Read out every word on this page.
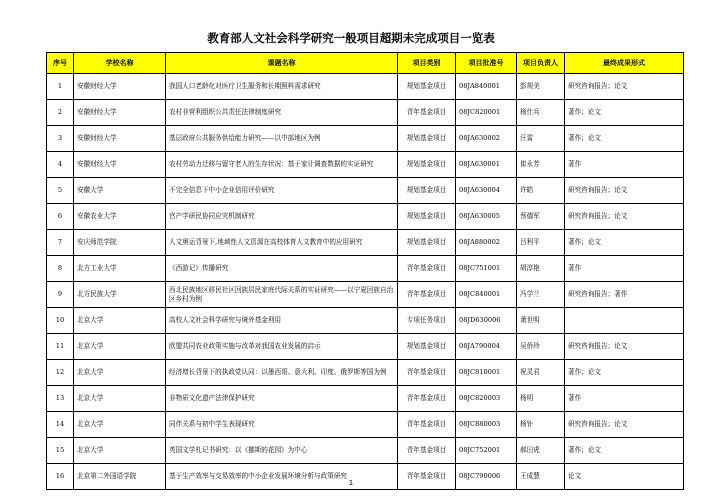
教育部人文社会科学研究一般项目超期未完成项目一览表
序号	学校名称	课题名称	项目类别	项目批准号	项目负责人	最终成果形式
1	安徽财经大学	我国人口老龄化对医疗卫生服务和长期照料需求研究	规划基金项目	08JA840001	彭规美	研究咨询报告；论文
2	安徽财经大学	农村非营利组织公共责任法律制度研究	青年基金项目	08JC820001	杨仕兵	著作；论文
3	安徽财经大学	基层政府公共服务供给能力研究——以中部地区为例	规划基金项目	08JA630002	汪雷	著作；论文
4	安徽财经大学	农村劳动力迁移与留守老人的生存状况：基于家计调查数据的实证研究	规划基金项目	08JA630001	崔永芳	著作
5	安徽大学	不完全信息下中小企业信用评价研究	规划基金项目	08JA630004	许皓	研究咨询报告；论文
6	安徽农业大学	官产学研民协同应灾机制研究	规划基金项目	08JA630005	蔡德军	研究咨询报告；论文
7	安庆师范学院	人文奥运背景下,地域性人文资源在高校体育人文教育中的应用研究	规划基金项目	08JA880002	吕利平	著作；论文
8	北方工业大学	《西游记》传播研究	青年基金项目	08JC751001	胡淳艳	著作
9	北方民族大学	西北民族地区移民社区回族居民家庭代际关系的实证研究——以宁夏回族自治区乡村为例	青年基金项目	08JC840001	冯学兰	研究咨询报告；著作
10	北京大学	高校人文社会科学研究与境外基金利用	专项任务项目	08JD630006	萧世明	
11	北京大学	欧盟共同农业政策实施与改革对我国农业发展的启示	规划基金项目	08JA790004	吴侨玲	研究咨询报告；论文
12	北京大学	经济增长背景下的执政党认同：以墨西哥、意大利、印度、俄罗斯等国为例	青年基金项目	08JC810001	祝灵君	著作；论文
13	北京大学	非物质文化遗产法律保护研究	青年基金项目	08JC820003	杨明	著作
14	北京大学	同伴关系与初中学生表现研究	青年基金项目	08JC880003	杨钋	研究咨询报告；论文
15	北京大学	英国文学札记书研究：以《挪斯的花园》为中心	青年基金项目	08JC752001	郝田虎	著作；论文
16	北京第二外国语学院	基于生产效率与交易效率的中小企业发展环境分析与政策研究	青年基金项目	08JC790006	王成慧	论文
1
